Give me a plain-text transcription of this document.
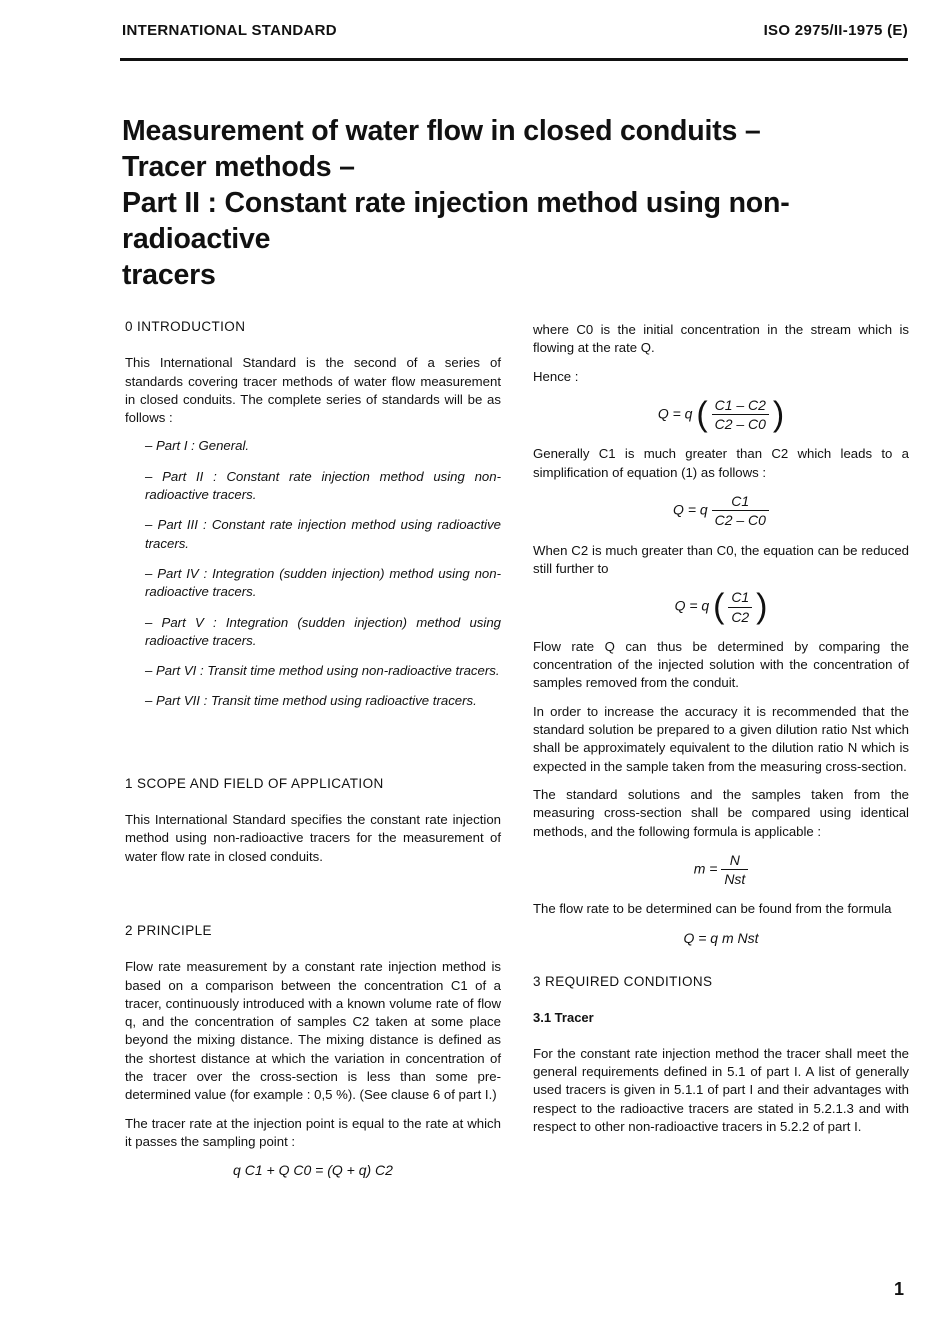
INTERNATIONAL STANDARD	ISO 2975/II-1975 (E)
Measurement of water flow in closed conduits –
Tracer methods –
Part II : Constant rate injection method using non-radioactive
tracers
0 INTRODUCTION

This International Standard is the second of a series of standards covering tracer methods of water flow measurement in closed conduits. The complete series of standards will be as follows :

– Part I : General.
– Part II : Constant rate injection method using non-radioactive tracers.
– Part III : Constant rate injection method using radioactive tracers.
– Part IV : Integration (sudden injection) method using non-radioactive tracers.
– Part V : Integration (sudden injection) method using radioactive tracers.
– Part VI : Transit time method using non-radioactive tracers.
– Part VII : Transit time method using radioactive tracers.
1 SCOPE AND FIELD OF APPLICATION

This International Standard specifies the constant rate injection method using non-radioactive tracers for the measurement of water flow rate in closed conduits.

2 PRINCIPLE

Flow rate measurement by a constant rate injection method is based on a comparison between the concentration C1 of a tracer, continuously introduced with a known volume rate of flow q, and the concentration of samples C2 taken at some place beyond the mixing distance. The mixing distance is defined as the shortest distance at which the variation in concentration of the tracer over the cross-section is less than some pre-determined value (for example : 0,5 %). (See clause 6 of part I.)

The tracer rate at the injection point is equal to the rate at which it passes the sampling point :

q C1 + Q C0 = (Q + q) C2

where C0 is the initial concentration in the stream which is flowing at the rate Q.

Hence :

Q = q ( $\frac{C1 - C2}{C2 - C0}$ )

Generally C1 is much greater than C2 which leads to a simplification of equation (1) as follows :

Q = q $\frac{C1}{C2 - C0}$

When C2 is much greater than C0, the equation can be reduced still further to

Q = q ( $\frac{C1}{C2}$ )

Flow rate Q can thus be determined by comparing the concentration of the injected solution with the concentration of samples removed from the conduit.

In order to increase the accuracy it is recommended that the standard solution be prepared to a given dilution ratio Nst which shall be approximately equivalent to the dilution ratio N which is expected in the sample taken from the measuring cross-section.

The standard solutions and the samples taken from the measuring cross-section shall be compared using identical methods, and the following formula is applicable :

$m = \frac{N}{\text{Nst}}$

The flow rate to be determined can be found from the formula

Q = q m Nst
3 REQUIRED CONDITIONS
3.1 Tracer

For the constant rate injection method the tracer shall meet the general requirements defined in 5.1 of part I. A list of generally used tracers is given in 5.1.1 of part I and their advantages with respect to the radioactive tracers are stated in 5.2.1.3 and with respect to other non-radioactive tracers in 5.2.2 of part I.

1
